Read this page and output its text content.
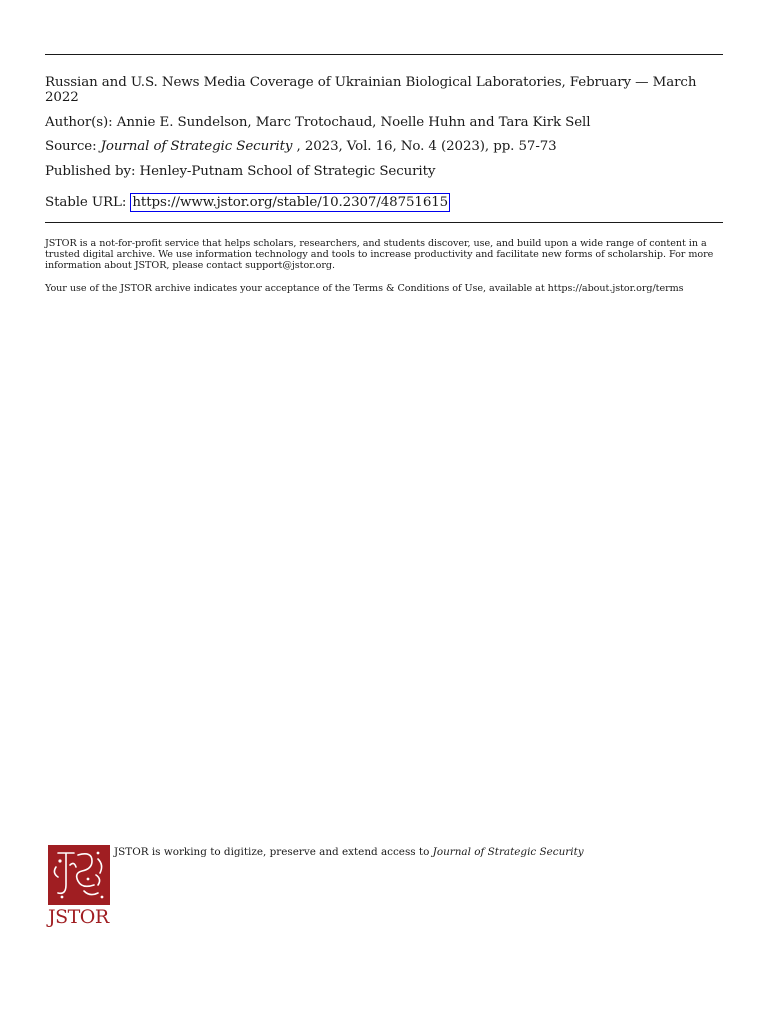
Russian and U.S. News Media Coverage of Ukrainian Biological Laboratories, February — March 2022
Author(s): Annie E. Sundelson, Marc Trotochaud, Noelle Huhn and Tara Kirk Sell
Source: Journal of Strategic Security , 2023, Vol. 16, No. 4 (2023), pp. 57-73
Published by: Henley-Putnam School of Strategic Security
Stable URL: https://www.jstor.org/stable/10.2307/48751615
JSTOR is a not-for-profit service that helps scholars, researchers, and students discover, use, and build upon a wide range of content in a trusted digital archive. We use information technology and tools to increase productivity and facilitate new forms of scholarship. For more information about JSTOR, please contact support@jstor.org.
Your use of the JSTOR archive indicates your acceptance of the Terms & Conditions of Use, available at https://about.jstor.org/terms
JSTOR
JSTOR is working to digitize, preserve and extend access to Journal of Strategic Security
